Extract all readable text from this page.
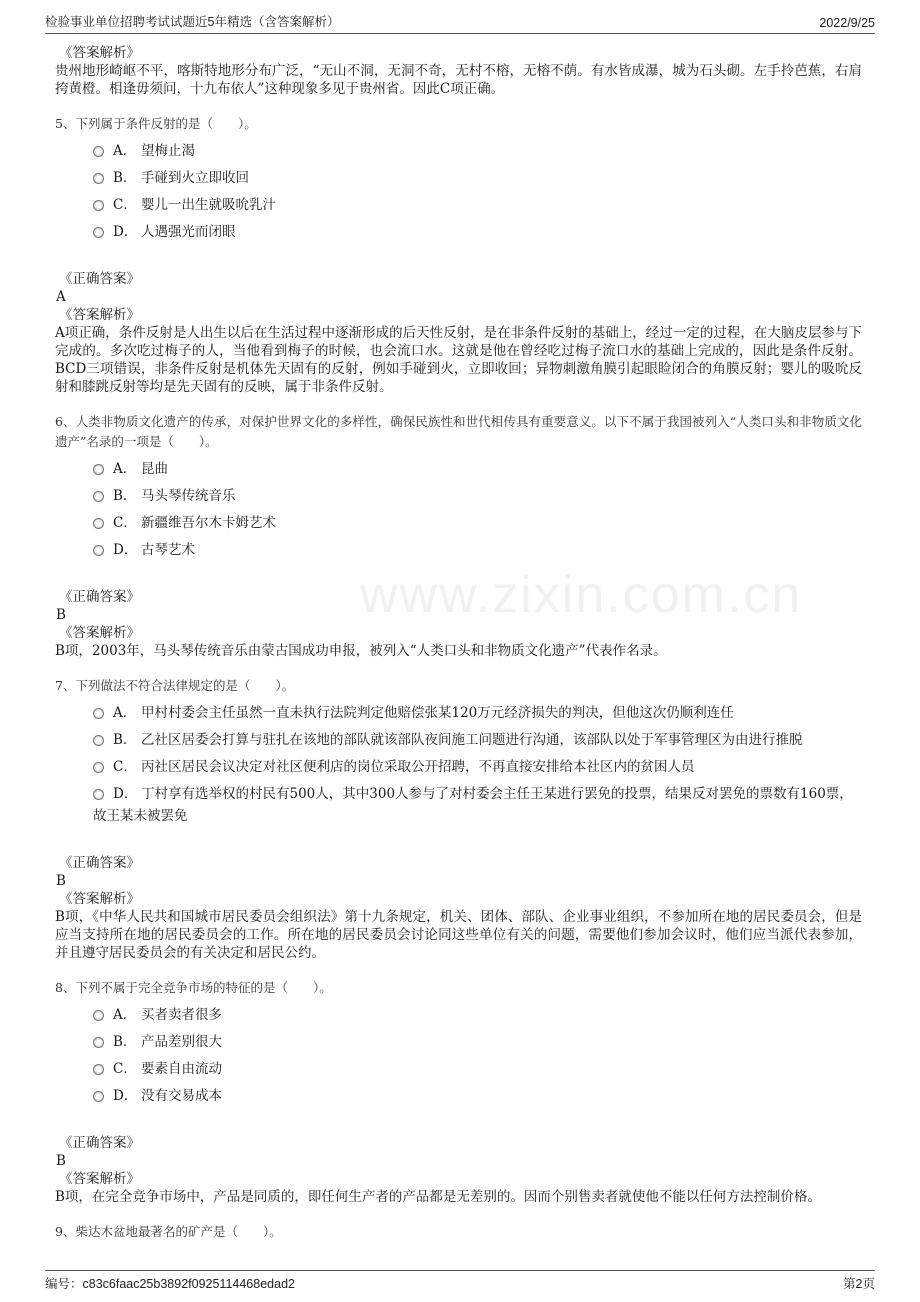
检验事业单位招聘考试试题近5年精选（含答案解析）	2022/9/25
www.zixin.com.cn
《答案解析》
贵州地形崎岖不平，喀斯特地形分布广泛，“无山不洞，无洞不奇，无村不榕，无榕不荫。有水皆成瀑，城为石头砌。左手拎芭蕉，右肩挎黄橙。相逢毋须问，十九布依人”这种现象多见于贵州省。因此C项正确。
5、下列属于条件反射的是（　　）。
A． 望梅止渴
B． 手碰到火立即收回
C． 婴儿一出生就吸吮乳汁
D． 人遇强光而闭眼
《正确答案》
A
《答案解析》
A项正确，条件反射是人出生以后在生活过程中逐渐形成的后天性反射，是在非条件反射的基础上，经过一定的过程，在大脑皮层参与下完成的。多次吃过梅子的人，当他看到梅子的时候，也会流口水。这就是他在曾经吃过梅子流口水的基础上完成的，因此是条件反射。BCD三项错误，非条件反射是机体先天固有的反射，例如手碰到火，立即收回；异物刺激角膜引起眼睑闭合的角膜反射；婴儿的吸吮反射和膝跳反射等均是先天固有的反映，属于非条件反射。
6、人类非物质文化遗产的传承，对保护世界文化的多样性，确保民族性和世代相传具有重要意义。以下不属于我国被列入“人类口头和非物质文化遗产”名录的一项是（　　）。
A． 昆曲
B． 马头琴传统音乐
C． 新疆维吾尔木卡姆艺术
D． 古琴艺术
《正确答案》
B
《答案解析》
B项，2003年，马头琴传统音乐由蒙古国成功申报，被列入“人类口头和非物质文化遗产”代表作名录。
7、下列做法不符合法律规定的是（　　）。
A． 甲村村委会主任虽然一直未执行法院判定他赔偿张某120万元经济损失的判决，但他这次仍顺利连任
B． 乙社区居委会打算与驻扎在该地的部队就该部队夜间施工问题进行沟通，该部队以处于军事管理区为由进行推脱
C． 丙社区居民会议决定对社区便利店的岗位采取公开招聘，不再直接安排给本社区内的贫困人员
D． 丁村享有选举权的村民有500人，其中300人参与了对村委会主任王某进行罢免的投票，结果反对罢免的票数有160票，故王某未被罢免
《正确答案》
B
《答案解析》
B项，《中华人民共和国城市居民委员会组织法》第十九条规定，机关、团体、部队、企业事业组织，不参加所在地的居民委员会，但是应当支持所在地的居民委员会的工作。所在地的居民委员会讨论同这些单位有关的问题，需要他们参加会议时，他们应当派代表参加，并且遵守居民委员会的有关决定和居民公约。
8、下列不属于完全竞争市场的特征的是（　　）。
A． 买者卖者很多
B． 产品差别很大
C． 要素自由流动
D． 没有交易成本
《正确答案》
B
《答案解析》
B项，在完全竞争市场中，产品是同质的，即任何生产者的产品都是无差别的。因而个别售卖者就使他不能以任何方法控制价格。
9、柴达木盆地最著名的矿产是（　　）。
编号：c83c6faac25b3892f0925114468edad2	第2页
